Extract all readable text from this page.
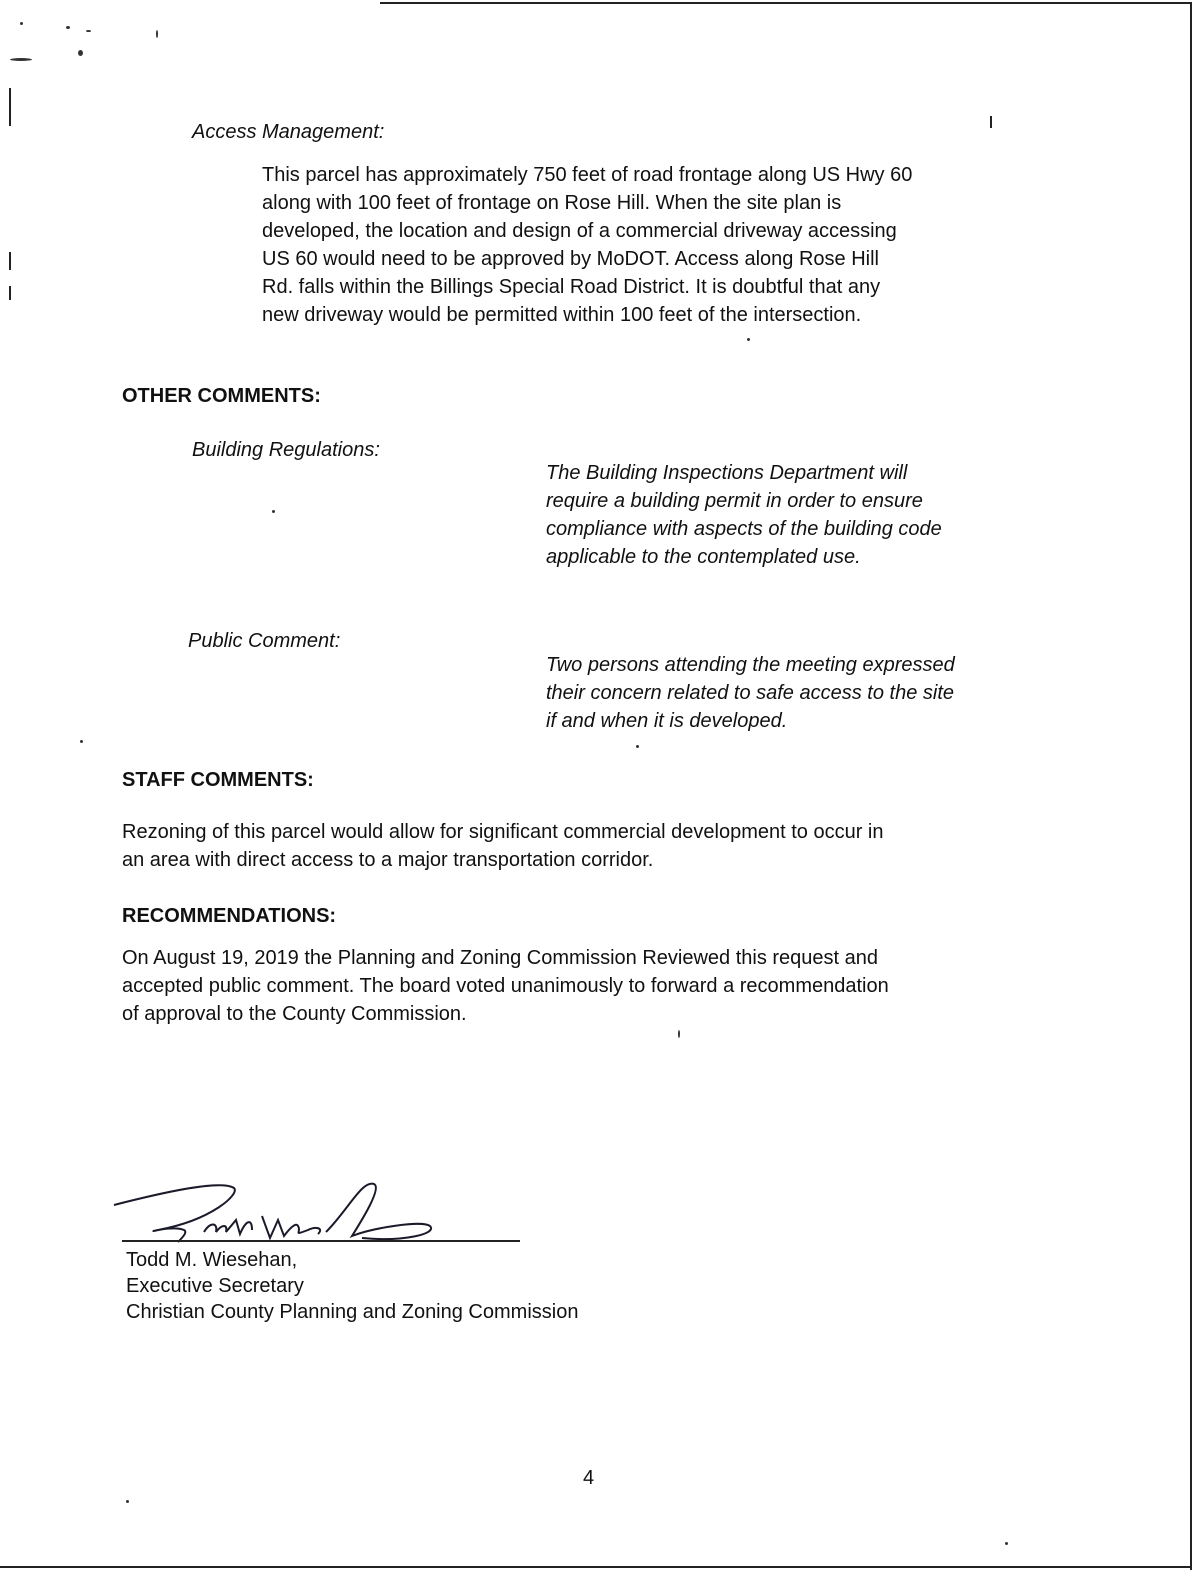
Access Management:
This parcel has approximately 750 feet of road frontage along US Hwy 60
along with 100 feet of frontage on Rose Hill. When the site plan is
developed, the location and design of a commercial driveway accessing
US 60 would need to be approved by MoDOT. Access along Rose Hill
Rd. falls within the Billings Special Road District. It is doubtful that any
new driveway would be permitted within 100 feet of the intersection.
OTHER COMMENTS:
Building Regulations:
The Building Inspections Department will
require a building permit in order to ensure
compliance with aspects of the building code
applicable to the contemplated use.
Public Comment:
Two persons attending the meeting expressed
their concern related to safe access to the site
if and when it is developed.
STAFF COMMENTS:
Rezoning of this parcel would allow for significant commercial development to occur in
an area with direct access to a major transportation corridor.
RECOMMENDATIONS:
On August 19, 2019 the Planning and Zoning Commission Reviewed this request and
accepted public comment. The board voted unanimously to forward a recommendation
of approval to the County Commission.
Todd M. Wiesehan,
Executive Secretary
Christian County Planning and Zoning Commission
4
